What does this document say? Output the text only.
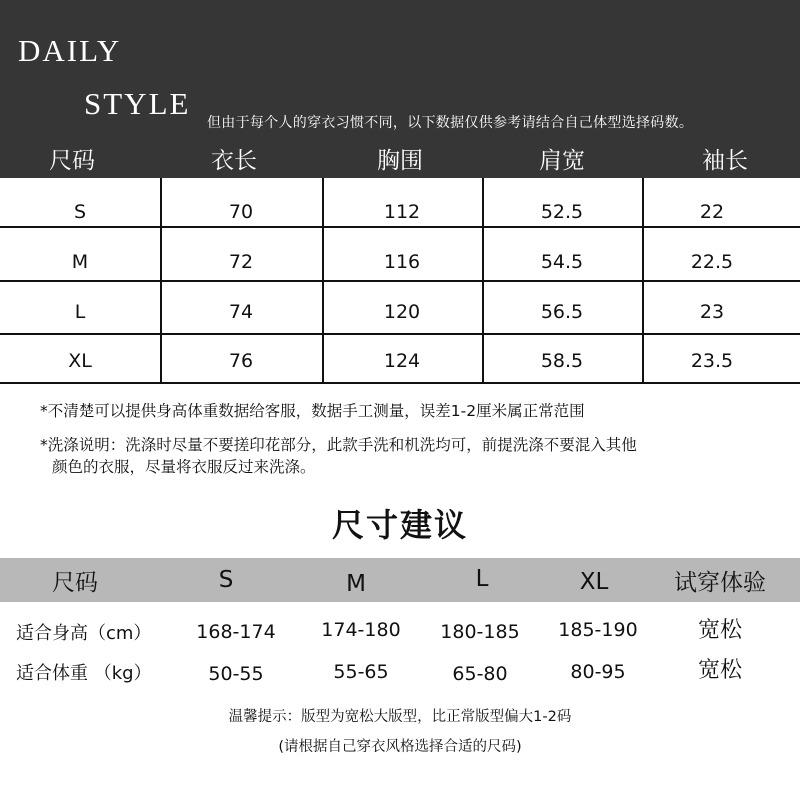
DAILY
STYLE
但由于每个人的穿衣习惯不同，以下数据仅供参考请结合自己体型选择码数。
尺码	衣长	胸围	肩宽	袖长
S	70	112	52.5	22
M	72	116	54.5	22.5
L	74	120	56.5	23
XL	76	124	58.5	23.5
*不清楚可以提供身高体重数据给客服，数据手工测量，误差1-2厘米属正常范围
*洗涤说明：洗涤时尽量不要搓印花部分，此款手洗和机洗均可，前提洗涤不要混入其他
颜色的衣服，尽量将衣服反过来洗涤。
尺寸建议
尺码	S	M	L	XL	试穿体验
适合身高（cm）	168-174	174-180	180-185	185-190	宽松
适合体重 （kg）	50-55	55-65	65-80	80-95	宽松
温馨提示：版型为宽松大版型，比正常版型偏大1-2码
(请根据自己穿衣风格选择合适的尺码)
